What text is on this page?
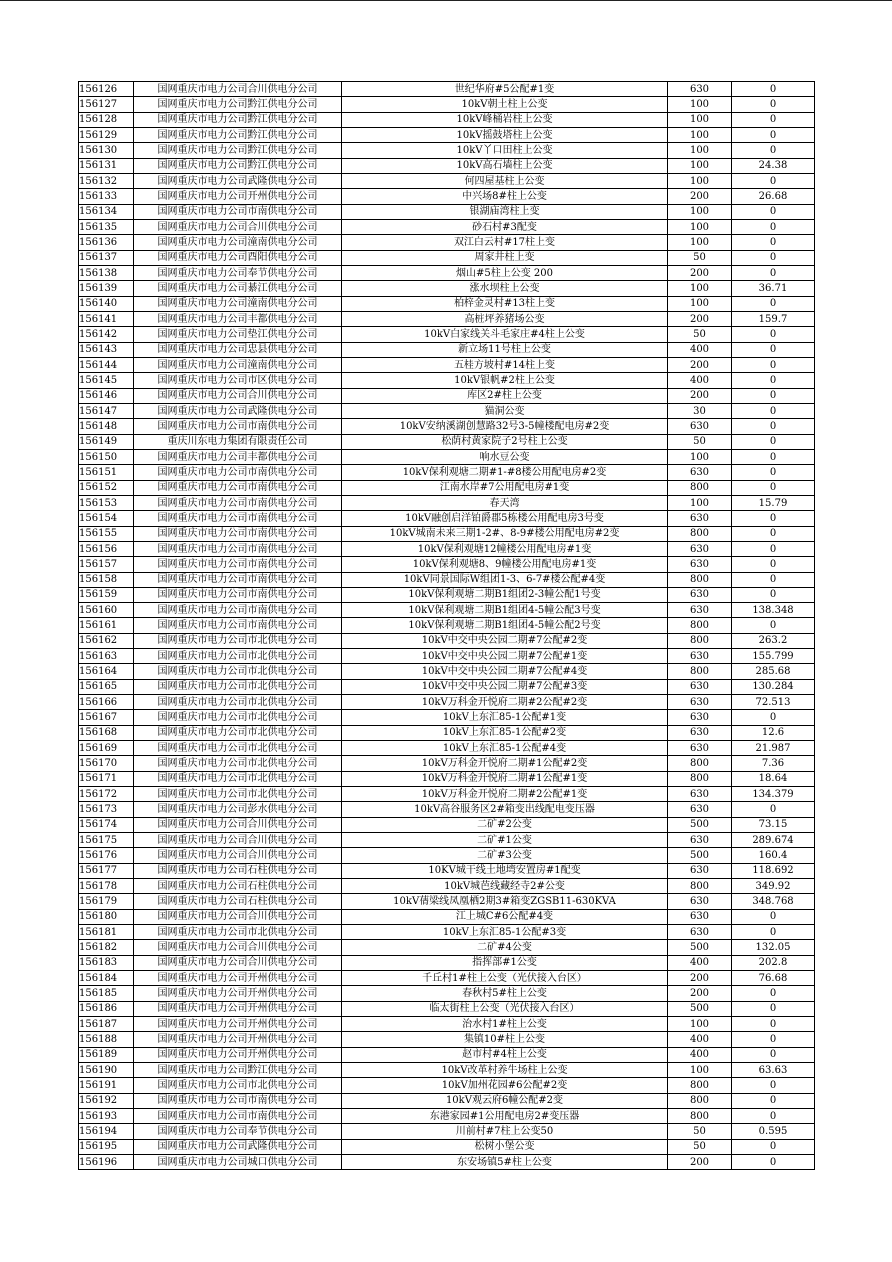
156126	国网重庆市电力公司合川供电分公司	世纪华府#5公配#1变	630	0
156127	国网重庆市电力公司黔江供电分公司	10kV朝土柱上公变	100	0
156128	国网重庆市电力公司黔江供电分公司	10kV峰桶岩柱上公变	100	0
156129	国网重庆市电力公司黔江供电分公司	10kV摇鼓塔柱上公变	100	0
156130	国网重庆市电力公司黔江供电分公司	10kV丫口田柱上公变	100	0
156131	国网重庆市电力公司黔江供电分公司	10kV高石墙柱上公变	100	24.38
156132	国网重庆市电力公司武隆供电分公司	何四屋基柱上公变	100	0
156133	国网重庆市电力公司开州供电分公司	中兴场8#柱上公变	200	26.68
156134	国网重庆市电力公司市南供电分公司	银湖庙湾柱上变	100	0
156135	国网重庆市电力公司合川供电分公司	砂石村#3配变	100	0
156136	国网重庆市电力公司潼南供电分公司	双江白云村#17柱上变	100	0
156137	国网重庆市电力公司酉阳供电分公司	周家井柱上变	50	0
156138	国网重庆市电力公司奉节供电分公司	烟山#5柱上公变 200	200	0
156139	国网重庆市电力公司綦江供电分公司	涨水坝柱上公变	100	36.71
156140	国网重庆市电力公司潼南供电分公司	柏梓金灵村#13柱上变	100	0
156141	国网重庆市电力公司丰都供电分公司	高桩坪养猪场公变	200	159.7
156142	国网重庆市电力公司垫江供电分公司	10kV白家线关斗毛家庄#4柱上公变	50	0
156143	国网重庆市电力公司忠县供电分公司	新立场11号柱上公变	400	0
156144	国网重庆市电力公司潼南供电分公司	五桂方坡村#14柱上变	200	0
156145	国网重庆市电力公司市区供电分公司	10kV银帆#2柱上公变	400	0
156146	国网重庆市电力公司合川供电分公司	库区2#柱上公变	200	0
156147	国网重庆市电力公司武隆供电分公司	猫洞公变	30	0
156148	国网重庆市电力公司市南供电分公司	10kV安纳溪湖创慧路32号3-5幢楼配电房#2变	630	0
156149	重庆川东电力集团有限责任公司	松荫村黄家院子2号柱上公变	50	0
156150	国网重庆市电力公司丰都供电分公司	响水豆公变	100	0
156151	国网重庆市电力公司市南供电分公司	10kV保利观塘二期#1-#8楼公用配电房#2变	630	0
156152	国网重庆市电力公司市南供电分公司	江南水岸#7公用配电房#1变	800	0
156153	国网重庆市电力公司市南供电分公司	春天湾	100	15.79
156154	国网重庆市电力公司市南供电分公司	10kV融创启洋铂爵郡5栋楼公用配电房3号变	630	0
156155	国网重庆市电力公司市南供电分公司	10kV城南未来三期1-2#、8-9#楼公用配电房#2变	800	0
156156	国网重庆市电力公司市南供电分公司	10kV保利观塘12幢楼公用配电房#1变	630	0
156157	国网重庆市电力公司市南供电分公司	10kV保利观塘8、9幢楼公用配电房#1变	630	0
156158	国网重庆市电力公司市南供电分公司	10kV同景国际W组团1-3、6-7#楼公配#4变	800	0
156159	国网重庆市电力公司市南供电分公司	10kV保利观塘二期B1组团2-3幢公配1号变	630	0
156160	国网重庆市电力公司市南供电分公司	10kV保利观塘二期B1组团4-5幢公配3号变	630	138.348
156161	国网重庆市电力公司市南供电分公司	10kV保利观塘二期B1组团4-5幢公配2号变	800	0
156162	国网重庆市电力公司市北供电分公司	10kV中交中央公园二期#7公配#2变	800	263.2
156163	国网重庆市电力公司市北供电分公司	10kV中交中央公园二期#7公配#1变	630	155.799
156164	国网重庆市电力公司市北供电分公司	10kV中交中央公园二期#7公配#4变	800	285.68
156165	国网重庆市电力公司市北供电分公司	10kV中交中央公园二期#7公配#3变	630	130.284
156166	国网重庆市电力公司市北供电分公司	10kV万科金开悦府二期#2公配#2变	630	72.513
156167	国网重庆市电力公司市北供电分公司	10kV上东汇85-1公配#1变	630	0
156168	国网重庆市电力公司市北供电分公司	10kV上东汇85-1公配#2变	630	12.6
156169	国网重庆市电力公司市北供电分公司	10kV上东汇85-1公配#4变	630	21.987
156170	国网重庆市电力公司市北供电分公司	10kV万科金开悦府二期#1公配#2变	800	7.36
156171	国网重庆市电力公司市北供电分公司	10kV万科金开悦府二期#1公配#1变	800	18.64
156172	国网重庆市电力公司市北供电分公司	10kV万科金开悦府二期#2公配#1变	630	134.379
156173	国网重庆市电力公司彭水供电分公司	10kV高谷服务区2#箱变出线配电变压器	630	0
156174	国网重庆市电力公司合川供电分公司	二矿#2公变	500	73.15
156175	国网重庆市电力公司合川供电分公司	二矿#1公变	630	289.674
156176	国网重庆市电力公司合川供电分公司	二矿#3公变	500	160.4
156177	国网重庆市电力公司石柱供电分公司	10KV城干线土地塆安置房#1配变	630	118.692
156178	国网重庆市电力公司石柱供电分公司	10kV城芭线藏经寺2#公变	800	349.92
156179	国网重庆市电力公司石柱供电分公司	10kV蒨梁线凤凰栖2期3#箱变ZGSB11-630KVA	630	348.768
156180	国网重庆市电力公司合川供电分公司	江上城C#6公配#4变	630	0
156181	国网重庆市电力公司市北供电分公司	10kV上东汇85-1公配#3变	630	0
156182	国网重庆市电力公司合川供电分公司	二矿#4公变	500	132.05
156183	国网重庆市电力公司合川供电分公司	指挥部#1公变	400	202.8
156184	国网重庆市电力公司开州供电分公司	千丘村1#柱上公变（光伏接入台区）	200	76.68
156185	国网重庆市电力公司开州供电分公司	春秋村5#柱上公变	200	0
156186	国网重庆市电力公司开州供电分公司	临太街柱上公变（光伏接入台区）	500	0
156187	国网重庆市电力公司开州供电分公司	治水村1#柱上公变	100	0
156188	国网重庆市电力公司开州供电分公司	集镇10#柱上公变	400	0
156189	国网重庆市电力公司开州供电分公司	赵市村#4柱上公变	400	0
156190	国网重庆市电力公司黔江供电分公司	10kV改革村养牛场柱上公变	100	63.63
156191	国网重庆市电力公司市北供电分公司	10kV加州花园#6公配#2变	800	0
156192	国网重庆市电力公司市南供电分公司	10kV观云府6幢公配#2变	800	0
156193	国网重庆市电力公司市南供电分公司	东港家园#1公用配电房2#变压器	800	0
156194	国网重庆市电力公司奉节供电分公司	川前村#7柱上公变50	50	0.595
156195	国网重庆市电力公司武隆供电分公司	松树小堡公变	50	0
156196	国网重庆市电力公司城口供电分公司	东安场镇5#柱上公变	200	0
